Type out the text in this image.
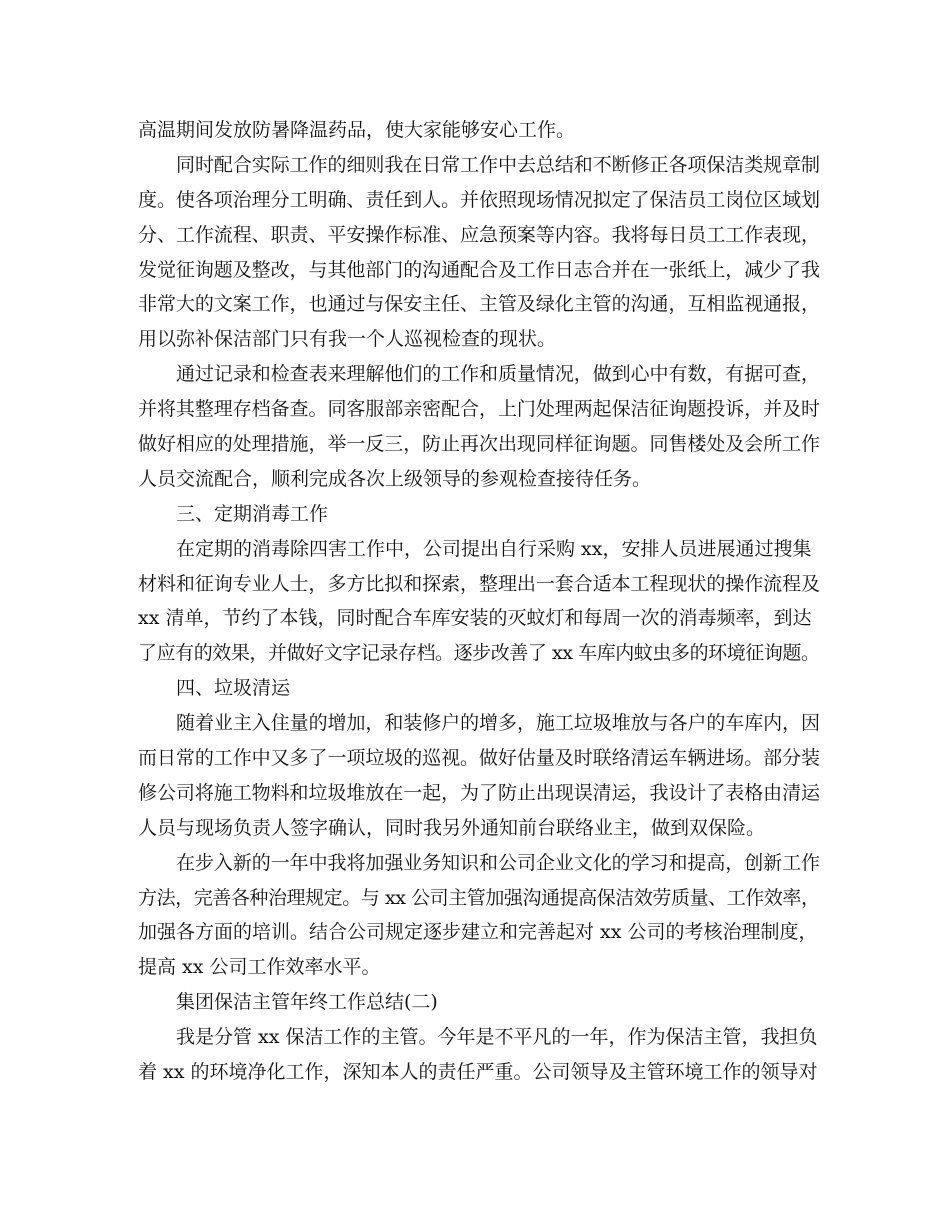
高温期间发放防暑降温药品，使大家能够安心工作。
同时配合实际工作的细则我在日常工作中去总结和不断修正各项保洁类规章制
度。使各项治理分工明确、责任到人。并依照现场情况拟定了保洁员工岗位区域划
分、工作流程、职责、平安操作标准、应急预案等内容。我将每日员工工作表现，
发觉征询题及整改，与其他部门的沟通配合及工作日志合并在一张纸上，减少了我
非常大的文案工作，也通过与保安主任、主管及绿化主管的沟通，互相监视通报，
用以弥补保洁部门只有我一个人巡视检查的现状。
通过记录和检查表来理解他们的工作和质量情况，做到心中有数，有据可查，
并将其整理存档备查。同客服部亲密配合，上门处理两起保洁征询题投诉，并及时
做好相应的处理措施，举一反三，防止再次出现同样征询题。同售楼处及会所工作
人员交流配合，顺利完成各次上级领导的参观检查接待任务。
三、定期消毒工作
在定期的消毒除四害工作中，公司提出自行采购 xx，安排人员进展通过搜集
材料和征询专业人士，多方比拟和探索，整理出一套合适本工程现状的操作流程及
xx 清单，节约了本钱，同时配合车库安装的灭蚊灯和每周一次的消毒频率，到达
了应有的效果，并做好文字记录存档。逐步改善了 xx 车库内蚊虫多的环境征询题。
四、垃圾清运
随着业主入住量的增加，和装修户的增多，施工垃圾堆放与各户的车库内，因
而日常的工作中又多了一项垃圾的巡视。做好估量及时联络清运车辆进场。部分装
修公司将施工物料和垃圾堆放在一起，为了防止出现误清运，我设计了表格由清运
人员与现场负责人签字确认，同时我另外通知前台联络业主，做到双保险。
在步入新的一年中我将加强业务知识和公司企业文化的学习和提高，创新工作
方法，完善各种治理规定。与 xx 公司主管加强沟通提高保洁效劳质量、工作效率，
加强各方面的培训。结合公司规定逐步建立和完善起对 xx 公司的考核治理制度，
提高 xx 公司工作效率水平。
集团保洁主管年终工作总结(二)
我是分管 xx 保洁工作的主管。今年是不平凡的一年，作为保洁主管，我担负
着 xx 的环境净化工作，深知本人的责任严重。公司领导及主管环境工作的领导对
